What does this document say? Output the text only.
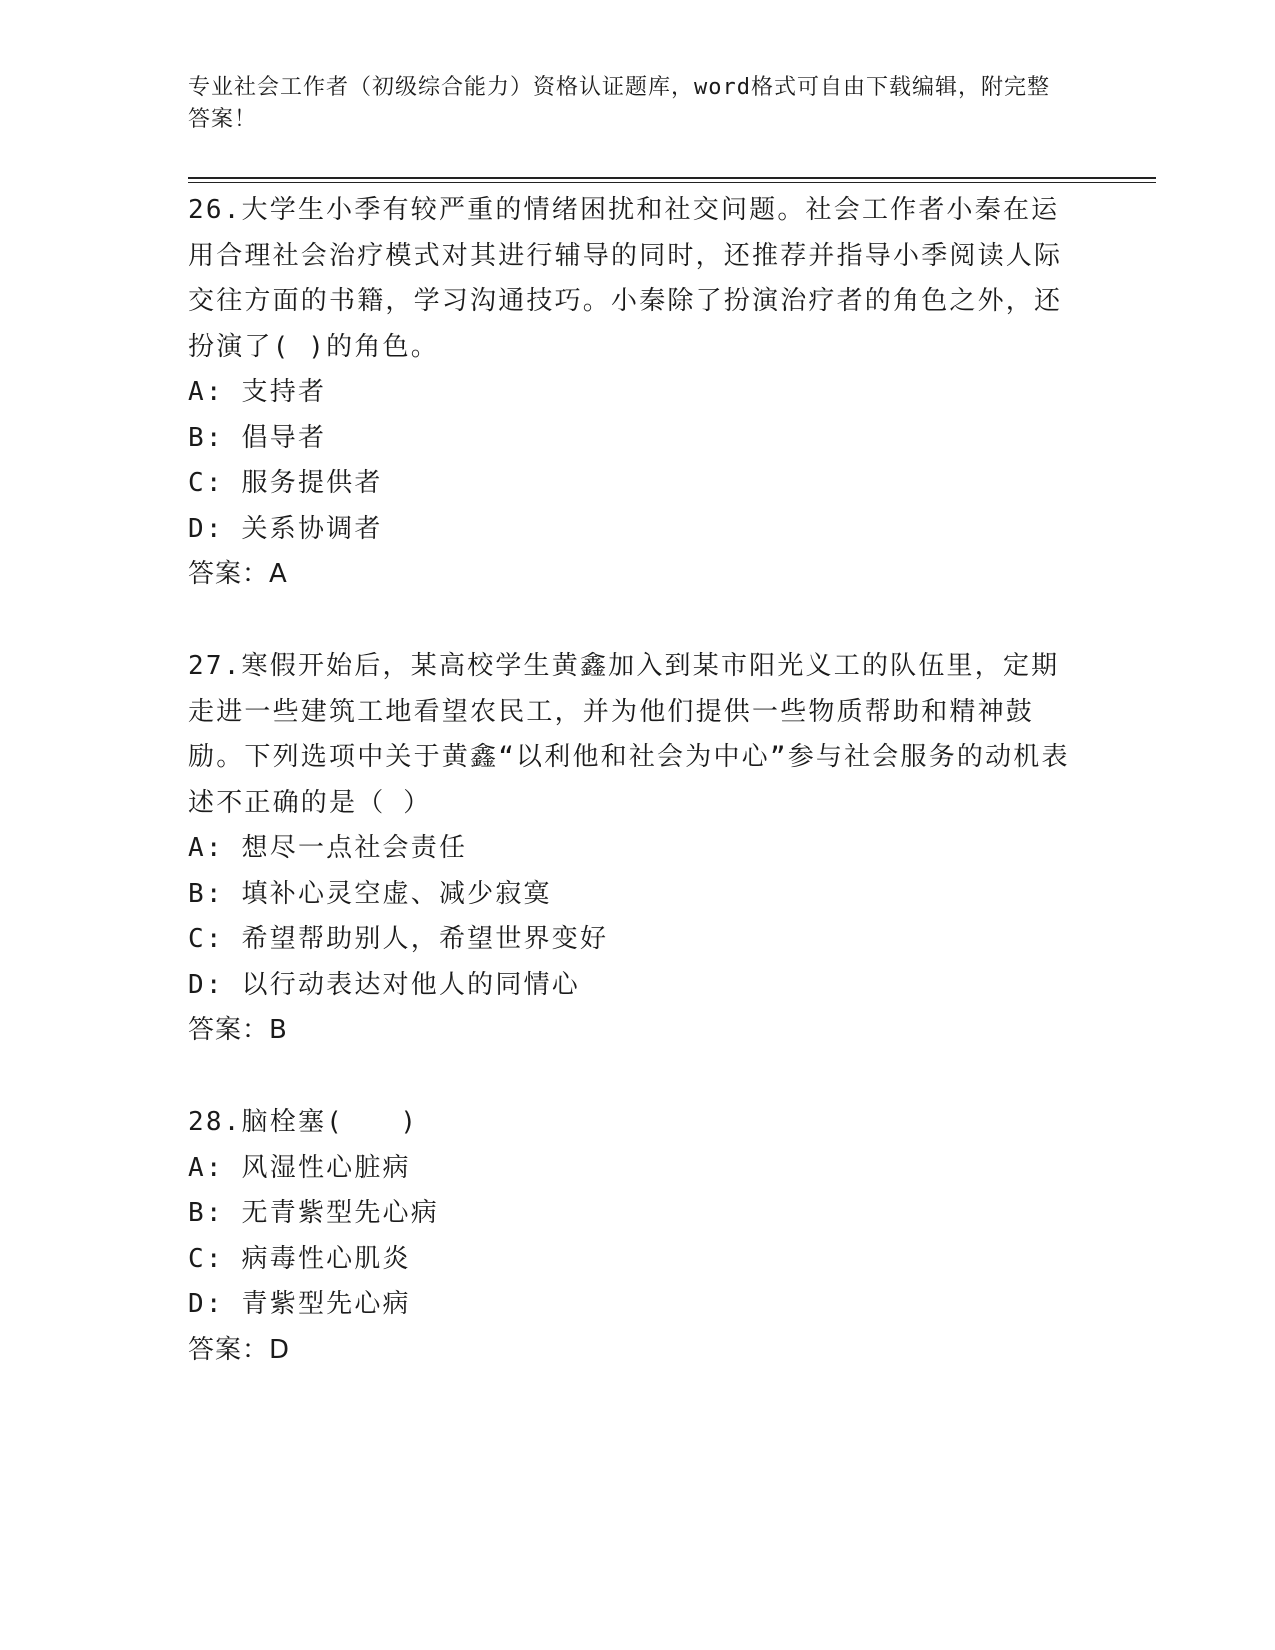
专业社会工作者（初级综合能力）资格认证题库，word格式可自由下载编辑，附完整答案！

26.大学生小季有较严重的情绪困扰和社交问题。社会工作者小秦在运用合理社会治疗模式对其进行辅导的同时，还推荐并指导小季阅读人际交往方面的书籍，学习沟通技巧。小秦除了扮演治疗者的角色之外，还扮演了( )的角色。

A: 支持者
B: 倡导者
C: 服务提供者
D: 关系协调者
答案：A

27.寒假开始后，某高校学生黄鑫加入到某市阳光义工的队伍里，定期走进一些建筑工地看望农民工，并为他们提供一些物质帮助和精神鼓励。下列选项中关于黄鑫“以利他和社会为中心”参与社会服务的动机表述不正确的是（ ）

A: 想尽一点社会责任
B: 填补心灵空虚、减少寂寞
C: 希望帮助别人，希望世界变好
D: 以行动表达对他人的同情心
答案：B

28.脑栓塞(　　)

A: 风湿性心脏病
B: 无青紫型先心病
C: 病毒性心肌炎
D: 青紫型先心病
答案：D
